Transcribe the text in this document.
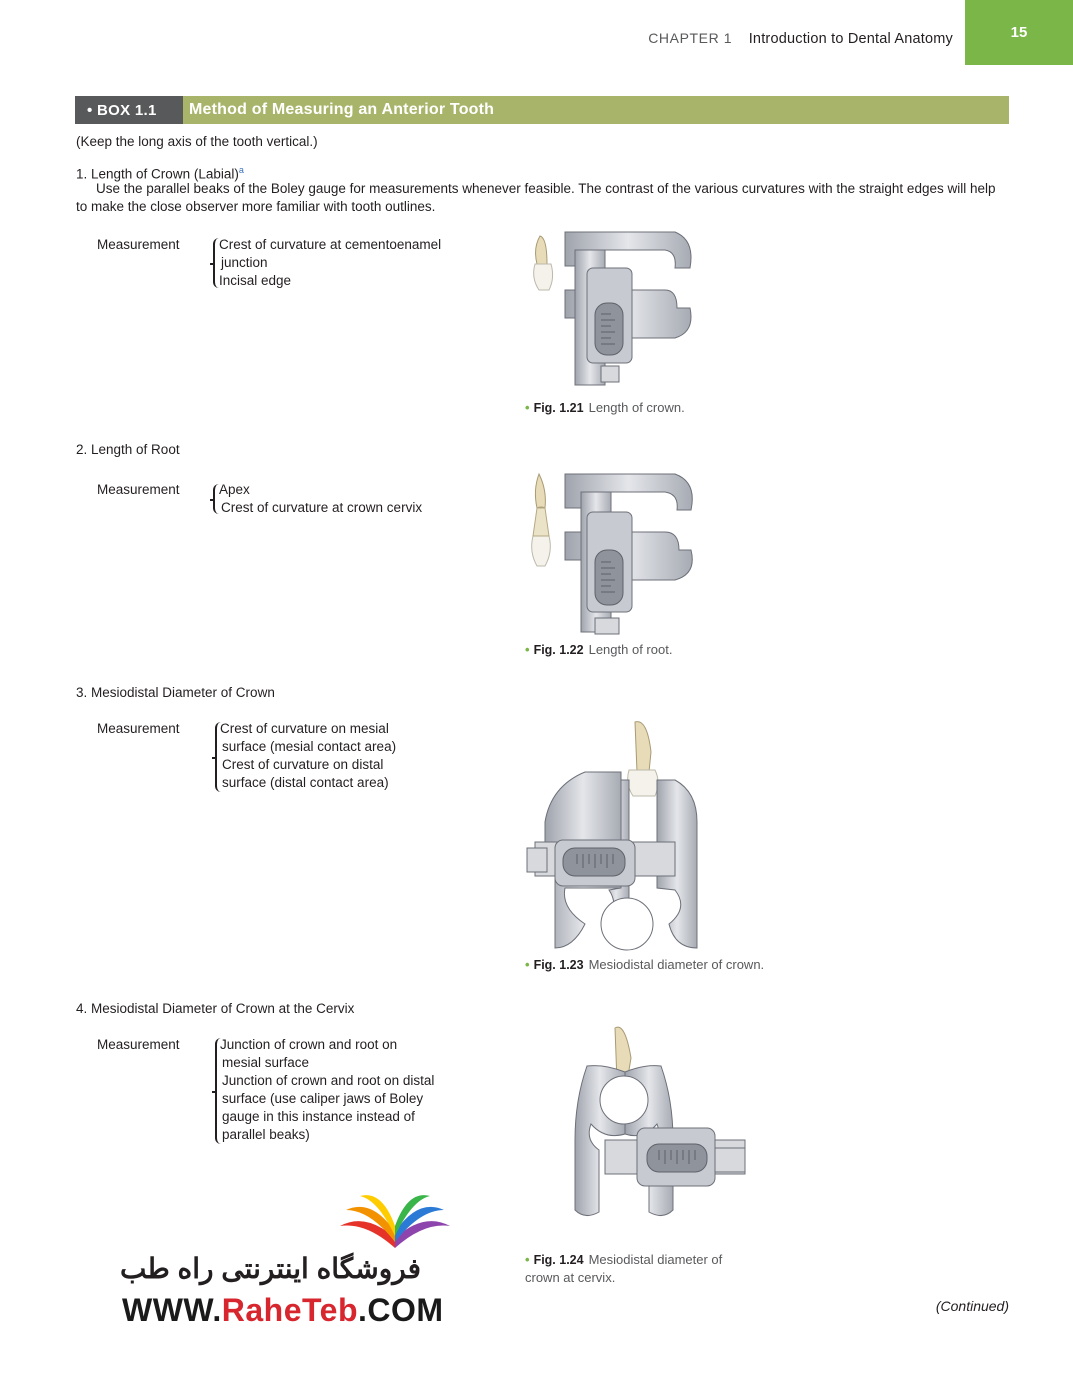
CHAPTER 1 Introduction to Dental Anatomy	15
• BOX 1.1	Method of Measuring an Anterior Tooth
(Keep the long axis of the tooth vertical.)
1. Length of Crown (Labial)$^a$
Use the parallel beaks of the Boley gauge for measurements whenever feasible. The contrast of the various curvatures with the straight edges will help to make the close observer more familiar with tooth outlines.
Measurement	Crest of curvature at cementoenamel
junction
Incisal edge
• Fig. 1.21 Length of crown.
2. Length of Root
Measurement	Apex
Crest of curvature at crown cervix
• Fig. 1.22 Length of root.
3. Mesiodistal Diameter of Crown
Measurement	Crest of curvature on mesial
surface (mesial contact area)
Crest of curvature on distal
surface (distal contact area)
• Fig. 1.23 Mesiodistal diameter of crown.
4. Mesiodistal Diameter of Crown at the Cervix
Measurement	Junction of crown and root on
mesial surface
Junction of crown and root on distal
surface (use caliper jaws of Boley
gauge in this instance instead of
parallel beaks)
• Fig. 1.24 Mesiodistal diameter of
crown at cervix.
(Continued)
فروشگاه اینترنتی راه طب
WWW.RaheTeb.COM
